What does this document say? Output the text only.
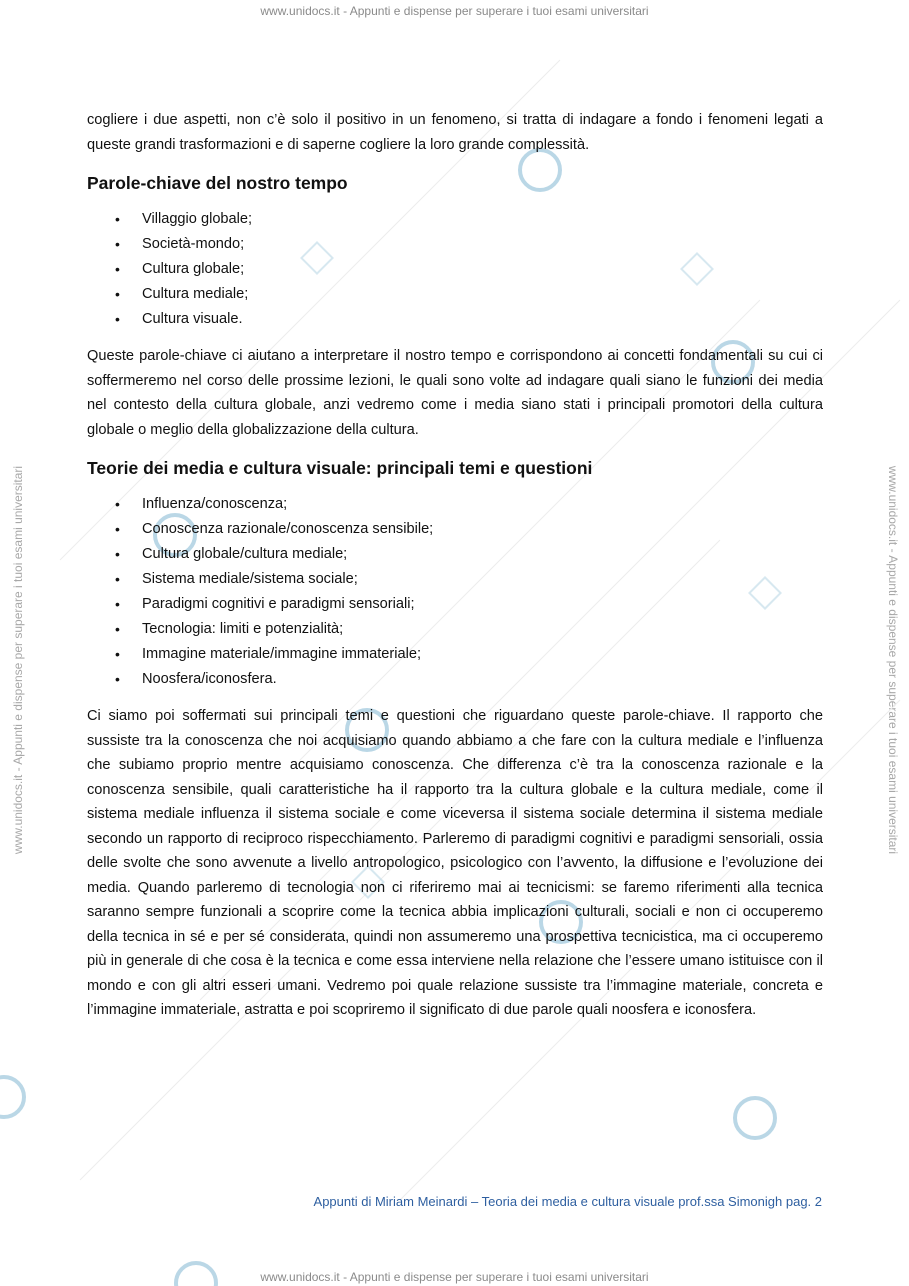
www.unidocs.it - Appunti e dispense per superare i tuoi esami universitari
www.unidocs.it - Appunti e dispense per superare i tuoi esami universitari
www.unidocs.it - Appunti e dispense per superare i tuoi esami universitari	www.unidocs.it - Appunti e dispense per superare i tuoi esami universitari

cogliere i due aspetti, non c’è solo il positivo in un fenomeno, si tratta di indagare a fondo i fenomeni legati a queste grandi trasformazioni e di saperne cogliere la loro grande complessità.

Parole-chiave del nostro tempo
• Villaggio globale;
• Società-mondo;
• Cultura globale;
• Cultura mediale;
• Cultura visuale.

Queste parole-chiave ci aiutano a interpretare il nostro tempo e corrispondono ai concetti fondamentali su cui ci soffermeremo nel corso delle prossime lezioni, le quali sono volte ad indagare quali siano le funzioni dei media nel contesto della cultura globale, anzi vedremo come i media siano stati i principali promotori della cultura globale o meglio della globalizzazione della cultura.

Teorie dei media e cultura visuale: principali temi e questioni
• Influenza/conoscenza;
• Conoscenza razionale/conoscenza sensibile;
• Cultura globale/cultura mediale;
• Sistema mediale/sistema sociale;
• Paradigmi cognitivi e paradigmi sensoriali;
• Tecnologia: limiti e potenzialità;
• Immagine materiale/immagine immateriale;
• Noosfera/iconosfera.

Ci siamo poi soffermati sui principali temi e questioni che riguardano queste parole-chiave. Il rapporto che sussiste tra la conoscenza che noi acquisiamo quando abbiamo a che fare con la cultura mediale e l’influenza che subiamo proprio mentre acquisiamo conoscenza. Che differenza c’è tra la conoscenza razionale e la conoscenza sensibile, quali caratteristiche ha il rapporto tra la cultura globale e la cultura mediale, come il sistema mediale influenza il sistema sociale e come viceversa il sistema sociale determina il sistema mediale secondo un rapporto di reciproco rispecchiamento. Parleremo di paradigmi cognitivi e paradigmi sensoriali, ossia delle svolte che sono avvenute a livello antropologico, psicologico con l’avvento, la diffusione e l’evoluzione dei media. Quando parleremo di tecnologia non ci riferiremo mai ai tecnicismi: se faremo riferimenti alla tecnica saranno sempre funzionali a scoprire come la tecnica abbia implicazioni culturali, sociali e non ci occuperemo della tecnica in sé e per sé considerata, quindi non assumeremo una prospettiva tecnicistica, ma ci occuperemo più in generale di che cosa è la tecnica e come essa interviene nella relazione che l’essere umano istituisce con il mondo e con gli altri esseri umani. Vedremo poi quale relazione sussiste tra l’immagine materiale, concreta e l’immagine immateriale, astratta e poi scopriremo il significato di due parole quali noosfera e iconosfera.

Appunti di Miriam Meinardi – Teoria dei media e cultura visuale prof.ssa Simonigh pag. 2
